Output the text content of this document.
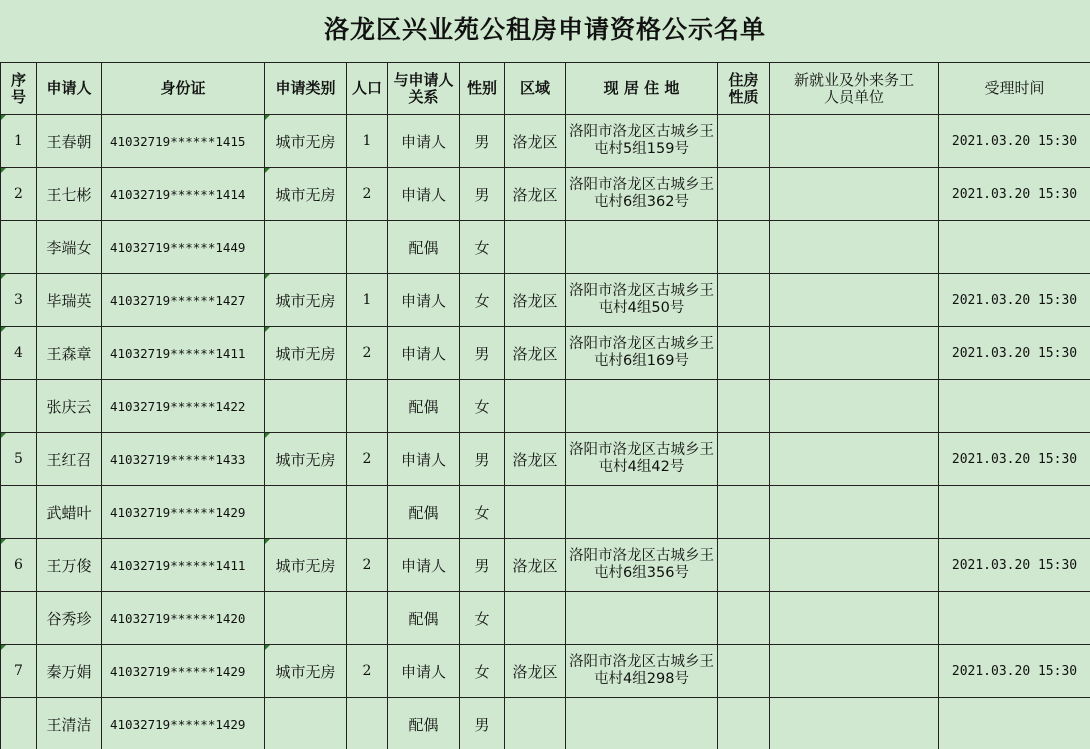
洛龙区兴业苑公租房申请资格公示名单
序号	申请人	身份证	申请类别	人口	与申请人关系	性别	区域	现 居 住 地	住房性质	新就业及外来务工人员单位	受理时间
1	王春朝	41032719******1415	城市无房	1	申请人	男	洛龙区	洛阳市洛龙区古城乡王屯村5组159号			2021.03.20 15:30
2	王七彬	41032719******1414	城市无房	2	申请人	男	洛龙区	洛阳市洛龙区古城乡王屯村6组362号			2021.03.20 15:30
	李端女	41032719******1449			配偶	女					
3	毕瑞英	41032719******1427	城市无房	1	申请人	女	洛龙区	洛阳市洛龙区古城乡王屯村4组50号			2021.03.20 15:30
4	王森章	41032719******1411	城市无房	2	申请人	男	洛龙区	洛阳市洛龙区古城乡王屯村6组169号			2021.03.20 15:30
	张庆云	41032719******1422			配偶	女					
5	王红召	41032719******1433	城市无房	2	申请人	男	洛龙区	洛阳市洛龙区古城乡王屯村4组42号			2021.03.20 15:30
	武蜡叶	41032719******1429			配偶	女					
6	王万俊	41032719******1411	城市无房	2	申请人	男	洛龙区	洛阳市洛龙区古城乡王屯村6组356号			2021.03.20 15:30
	谷秀珍	41032719******1420			配偶	女					
7	秦万娟	41032719******1429	城市无房	2	申请人	女	洛龙区	洛阳市洛龙区古城乡王屯村4组298号			2021.03.20 15:30
	王清洁	41032719******1429			配偶	男					
